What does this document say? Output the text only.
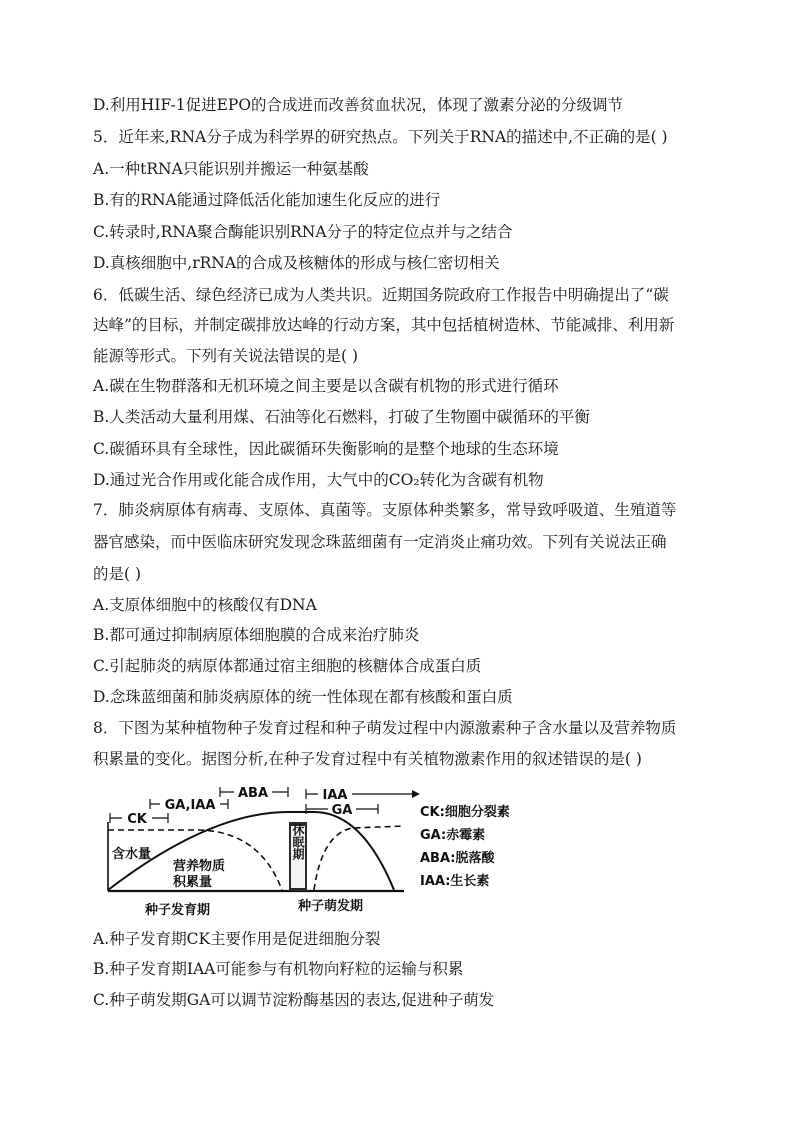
D.利用HIF-1促进EPO的合成进而改善贫血状况，体现了激素分泌的分级调节
5．近年来,RNA分子成为科学界的研究热点。下列关于RNA的描述中,不正确的是( )
A.一种tRNA只能识别并搬运一种氨基酸
B.有的RNA能通过降低活化能加速生化反应的进行
C.转录时,RNA聚合酶能识别RNA分子的特定位点并与之结合
D.真核细胞中,rRNA的合成及核糖体的形成与核仁密切相关
6．低碳生活、绿色经济已成为人类共识。近期国务院政府工作报告中明确提出了“碳
达峰”的目标，并制定碳排放达峰的行动方案，其中包括植树造林、节能减排、利用新
能源等形式。下列有关说法错误的是( )
A.碳在生物群落和无机环境之间主要是以含碳有机物的形式进行循环
B.人类活动大量利用煤、石油等化石燃料，打破了生物圈中碳循环的平衡
C.碳循环具有全球性，因此碳循环失衡影响的是整个地球的生态环境
D.通过光合作用或化能合成作用，大气中的CO₂转化为含碳有机物
7．肺炎病原体有病毒、支原体、真菌等。支原体种类繁多，常导致呼吸道、生殖道等
器官感染，而中医临床研究发现念珠蓝细菌有一定消炎止痛功效。下列有关说法正确
的是( )
A.支原体细胞中的核酸仅有DNA
B.都可通过抑制病原体细胞膜的合成来治疗肺炎
C.引起肺炎的病原体都通过宿主细胞的核糖体合成蛋白质
D.念珠蓝细菌和肺炎病原体的统一性体现在都有核酸和蛋白质
8．下图为某种植物种子发育过程和种子萌发过程中内源激素种子含水量以及营养物质
积累量的变化。据图分析,在种子发育过程中有关植物激素作用的叙述错误的是( )
A.种子发育期CK主要作用是促进细胞分裂
B.种子发育期IAA可能参与有机物向籽粒的运输与积累
C.种子萌发期GA可以调节淀粉酶基因的表达,促进种子萌发
CK
GA,IAA
ABA
GA
IAA
休眠期
含水量
营养物质
积累量
种子发育期	种子萌发期
CK:细胞分裂素
GA:赤霉素
ABA:脱落酸
IAA:生长素
